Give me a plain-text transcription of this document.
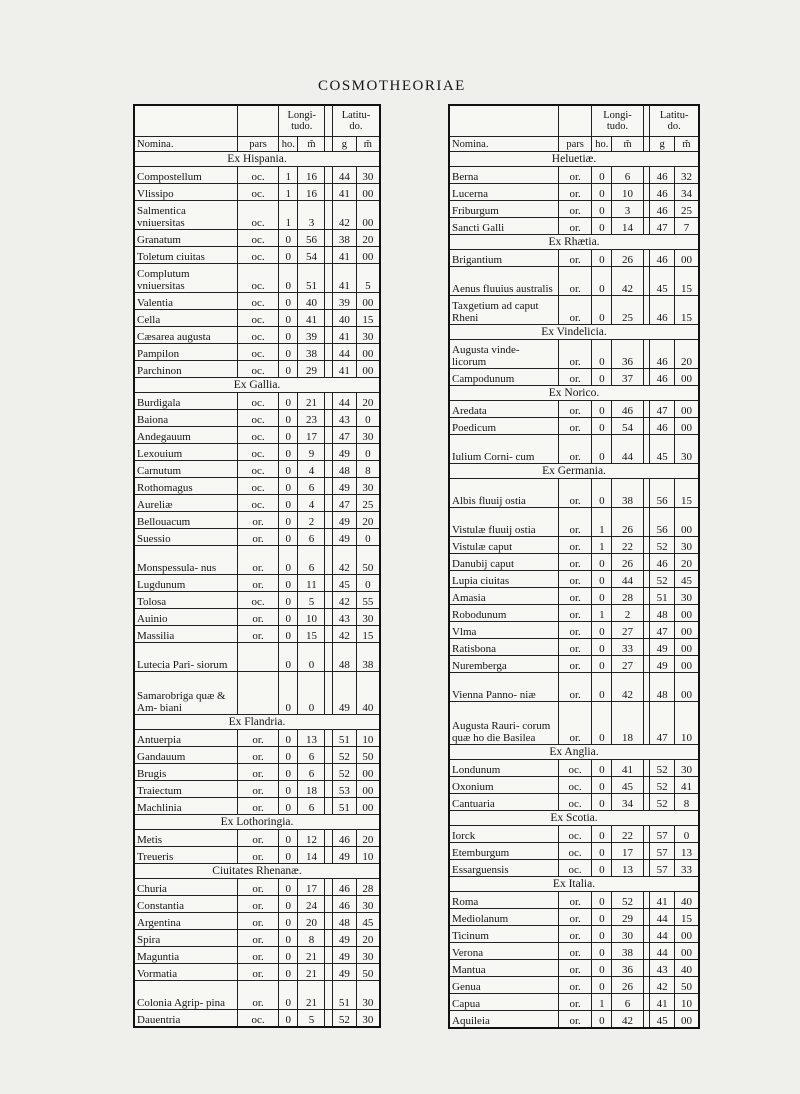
COSMOTHEORIAE
		Longi- tudo.			Latitu- do.	
Nomina.	pars	ho.	m̃		g	m̃
Ex Hispania.						
Compostellum	oc.	1	16		44	30
Vlissipo	oc.	1	16		41	00
Salmentica vniuersitas	oc.	1	3		42	00
Granatum	oc.	0	56		38	20
Toletum ciuitas	oc.	0	54		41	00
Complutum vniuersitas	oc.	0	51		41	5
Valentia	oc.	0	40		39	00
Cella	oc.	0	41		40	15
Cæsarea augusta	oc.	0	39		41	30
Pampilon	oc.	0	38		44	00
Parchinon	oc.	0	29		41	00
Ex Gallia.						
Burdigala	oc.	0	21		44	20
Baiona	oc.	0	23		43	0
Andegauum	oc.	0	17		47	30
Lexouium	oc.	0	9		49	0
Carnutum	oc.	0	4		48	8
Rothomagus	oc.	0	6		49	30
Aureliæ	oc.	0	4		47	25
Bellouacum	or.	0	2		49	20
Suessio	or.	0	6		49	0
Monspessula- nus	or.	0	6		42	50
Lugdunum	or.	0	11		45	0
Tolosa	oc.	0	5		42	55
Auinio	or.	0	10		43	30
Massilia	or.	0	15		42	15
Lutecia Pari- siorum		0	0		48	38
Samarobriga quæ & Am- biani		0	0		49	40
Ex Flandria.						
Antuerpia	or.	0	13		51	10
Gandauum	or.	0	6		52	50
Brugis	or.	0	6		52	00
Traiectum	or.	0	18		53	00
Machlinia	or.	0	6		51	00
Ex Lothoringia.						
Metis	or.	0	12		46	20
Treueris	or.	0	14		49	10
Ciuitates Rhenanæ.						
Churia	or.	0	17		46	28
Constantia	or.	0	24		46	30
Argentina	or.	0	20		48	45
Spira	or.	0	8		49	20
Maguntia	or.	0	21		49	30
Vormatia	or.	0	21		49	50
Colonia Agrip- pina	or.	0	21		51	30
Dauentria	oc.	0	5		52	30
		Longi- tudo.			Latitu- do.	
Nomina.	pars	ho.	m̃		g	m̃
Heluetiæ.						
Berna	or.	0	6		46	32
Lucerna	or.	0	10		46	34
Friburgum	or.	0	3		46	25
Sancti Galli	or.	0	14		47	7
Ex Rhætia.						
Brigantium	or.	0	26		46	00
Aenus fluuius australis	or.	0	42		45	15
Taxgetium ad caput Rheni	or.	0	25		46	15
Ex Vindelicia.						
Augusta vinde- licorum	or.	0	36		46	20
Campodunum	or.	0	37		46	00
Ex Norico.						
Aredata	or.	0	46		47	00
Poedicum	or.	0	54		46	00
Iulium Corni- cum	or.	0	44		45	30
Ex Germania.						
Albis fluuij ostia	or.	0	38		56	15
Vistulæ fluuij ostia	or.	1	26		56	00
Vistulæ caput	or.	1	22		52	30
Danubij caput	or.	0	26		46	20
Lupia ciuitas	or.	0	44		52	45
Amasia	or.	0	28		51	30
Robodunum	or.	1	2		48	00
Vlma	or.	0	27		47	00
Ratisbona	or.	0	33		49	00
Nuremberga	or.	0	27		49	00
Vienna Panno- niæ	or.	0	42		48	00
Augusta Rauri- corum quæ ho die Basilea	or.	0	18		47	10
Ex Anglia.						
Londunum	oc.	0	41		52	30
Oxonium	oc.	0	45		52	41
Cantuaria	oc.	0	34		52	8
Ex Scotia.						
Iorck	oc.	0	22		57	0
Etemburgum	oc.	0	17		57	13
Essarguensis	oc.	0	13		57	33
Ex Italia.						
Roma	or.	0	52		41	40
Mediolanum	or.	0	29		44	15
Ticinum	or.	0	30		44	00
Verona	or.	0	38		44	00
Mantua	or.	0	36		43	40
Genua	or.	0	26		42	50
Capua	or.	1	6		41	10
Aquileia	or.	0	42		45	00
